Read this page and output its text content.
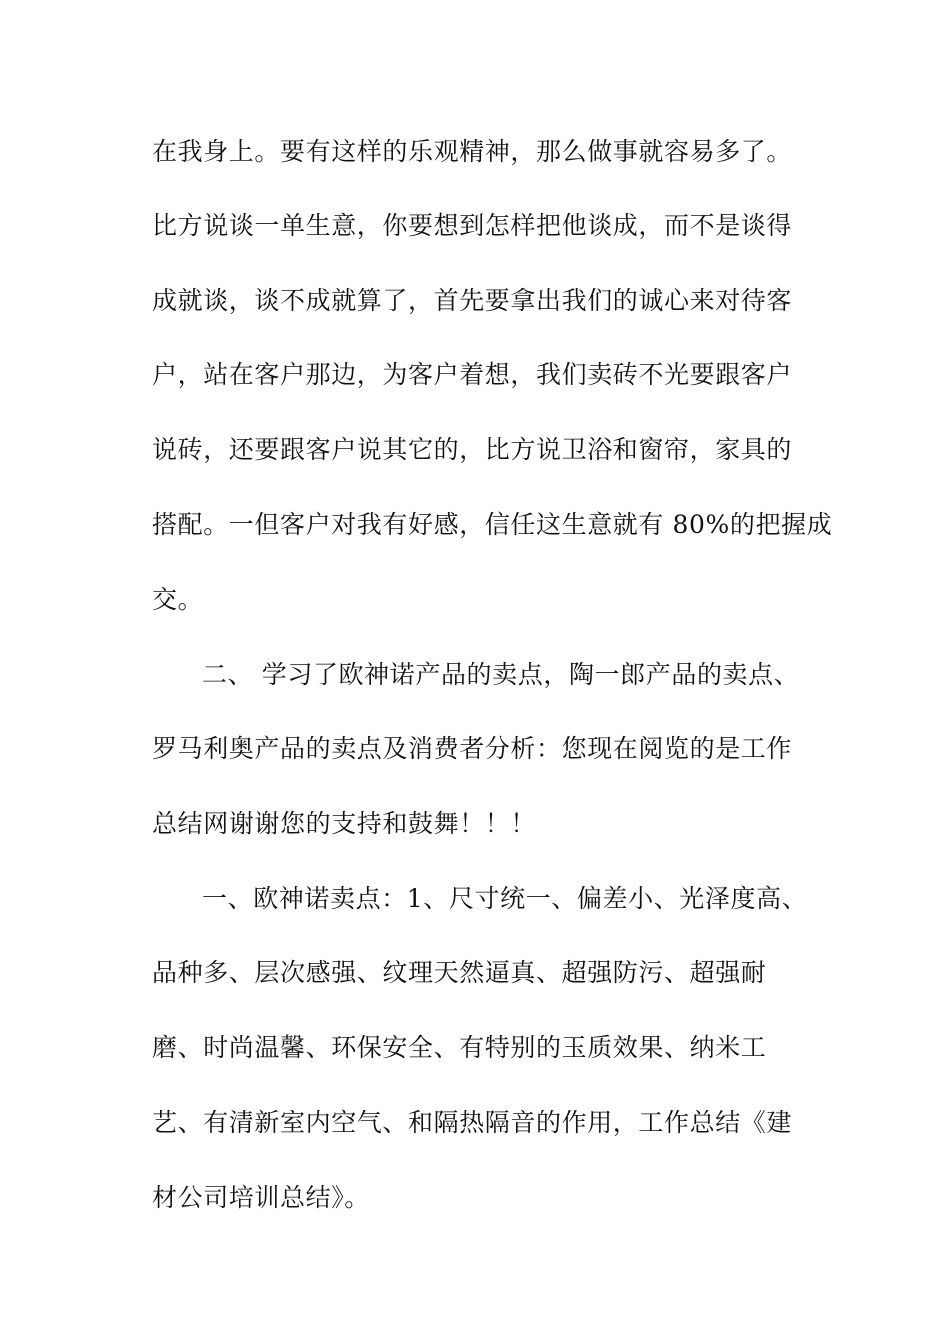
在我身上。要有这样的乐观精神，那么做事就容易多了。
比方说谈一单生意，你要想到怎样把他谈成，而不是谈得
成就谈，谈不成就算了，首先要拿出我们的诚心来对待客
户，站在客户那边，为客户着想，我们卖砖不光要跟客户
说砖，还要跟客户说其它的，比方说卫浴和窗帘，家具的
搭配。一但客户对我有好感，信任这生意就有 80%的把握成
交。
二、 学习了欧神诺产品的卖点，陶一郎产品的卖点、
罗马利奥产品的卖点及消费者分析：您现在阅览的是工作
总结网谢谢您的支持和鼓舞！！！
一、欧神诺卖点：1、尺寸统一、偏差小、光泽度高、
品种多、层次感强、纹理天然逼真、超强防污、超强耐
磨、时尚温馨、环保安全、有特别的玉质效果、纳米工
艺、有清新室内空气、和隔热隔音的作用，工作总结《建
材公司培训总结》。
